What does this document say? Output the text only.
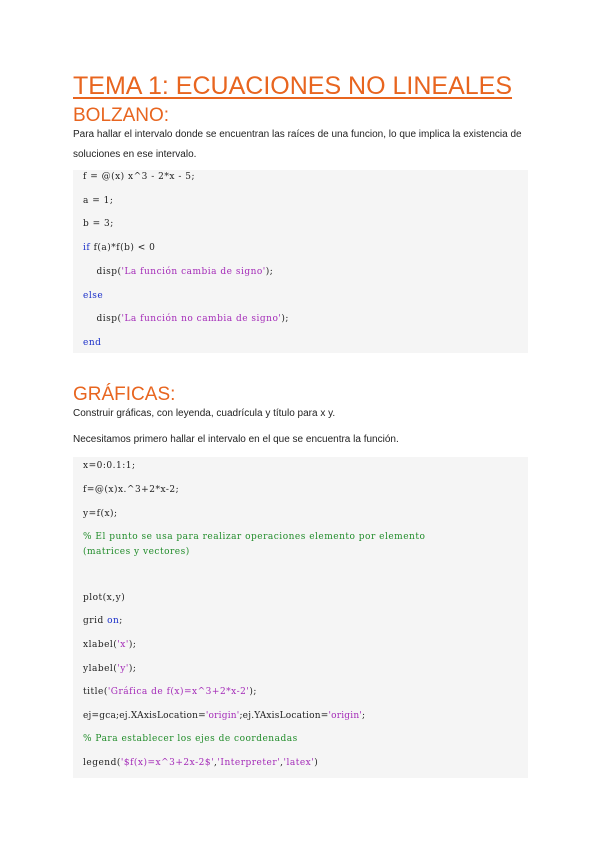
TEMA 1: ECUACIONES NO LINEALES
BOLZANO:

Para hallar el intervalo donde se encuentran las raíces de una funcion, lo que implica la existencia de soluciones en ese intervalo.

f = @(x) x^3 - 2*x - 5;
a = 1;
b = 3;
if f(a)*f(b) < 0
disp('La función cambia de signo');
else
disp('La función no cambia de signo');
end
GRÁFICAS:

Construir gráficas, con leyenda, cuadrícula y título para x y.

Necesitamos primero hallar el intervalo en el que se encuentra la función.

x=0:0.1:1;
f=@(x)x.^3+2*x-2;
y=f(x);
% El punto se usa para realizar operaciones elemento por elemento
(matrices y vectores)
plot(x,y)
grid on;
xlabel('x');
ylabel('y');
title('Gráfica de f(x)=x^3+2*x-2');
ej=gca;ej.XAxisLocation='origin';ej.YAxisLocation='origin';
% Para establecer los ejes de coordenadas
legend('$f(x)=x^3+2x-2$','Interpreter','latex')
